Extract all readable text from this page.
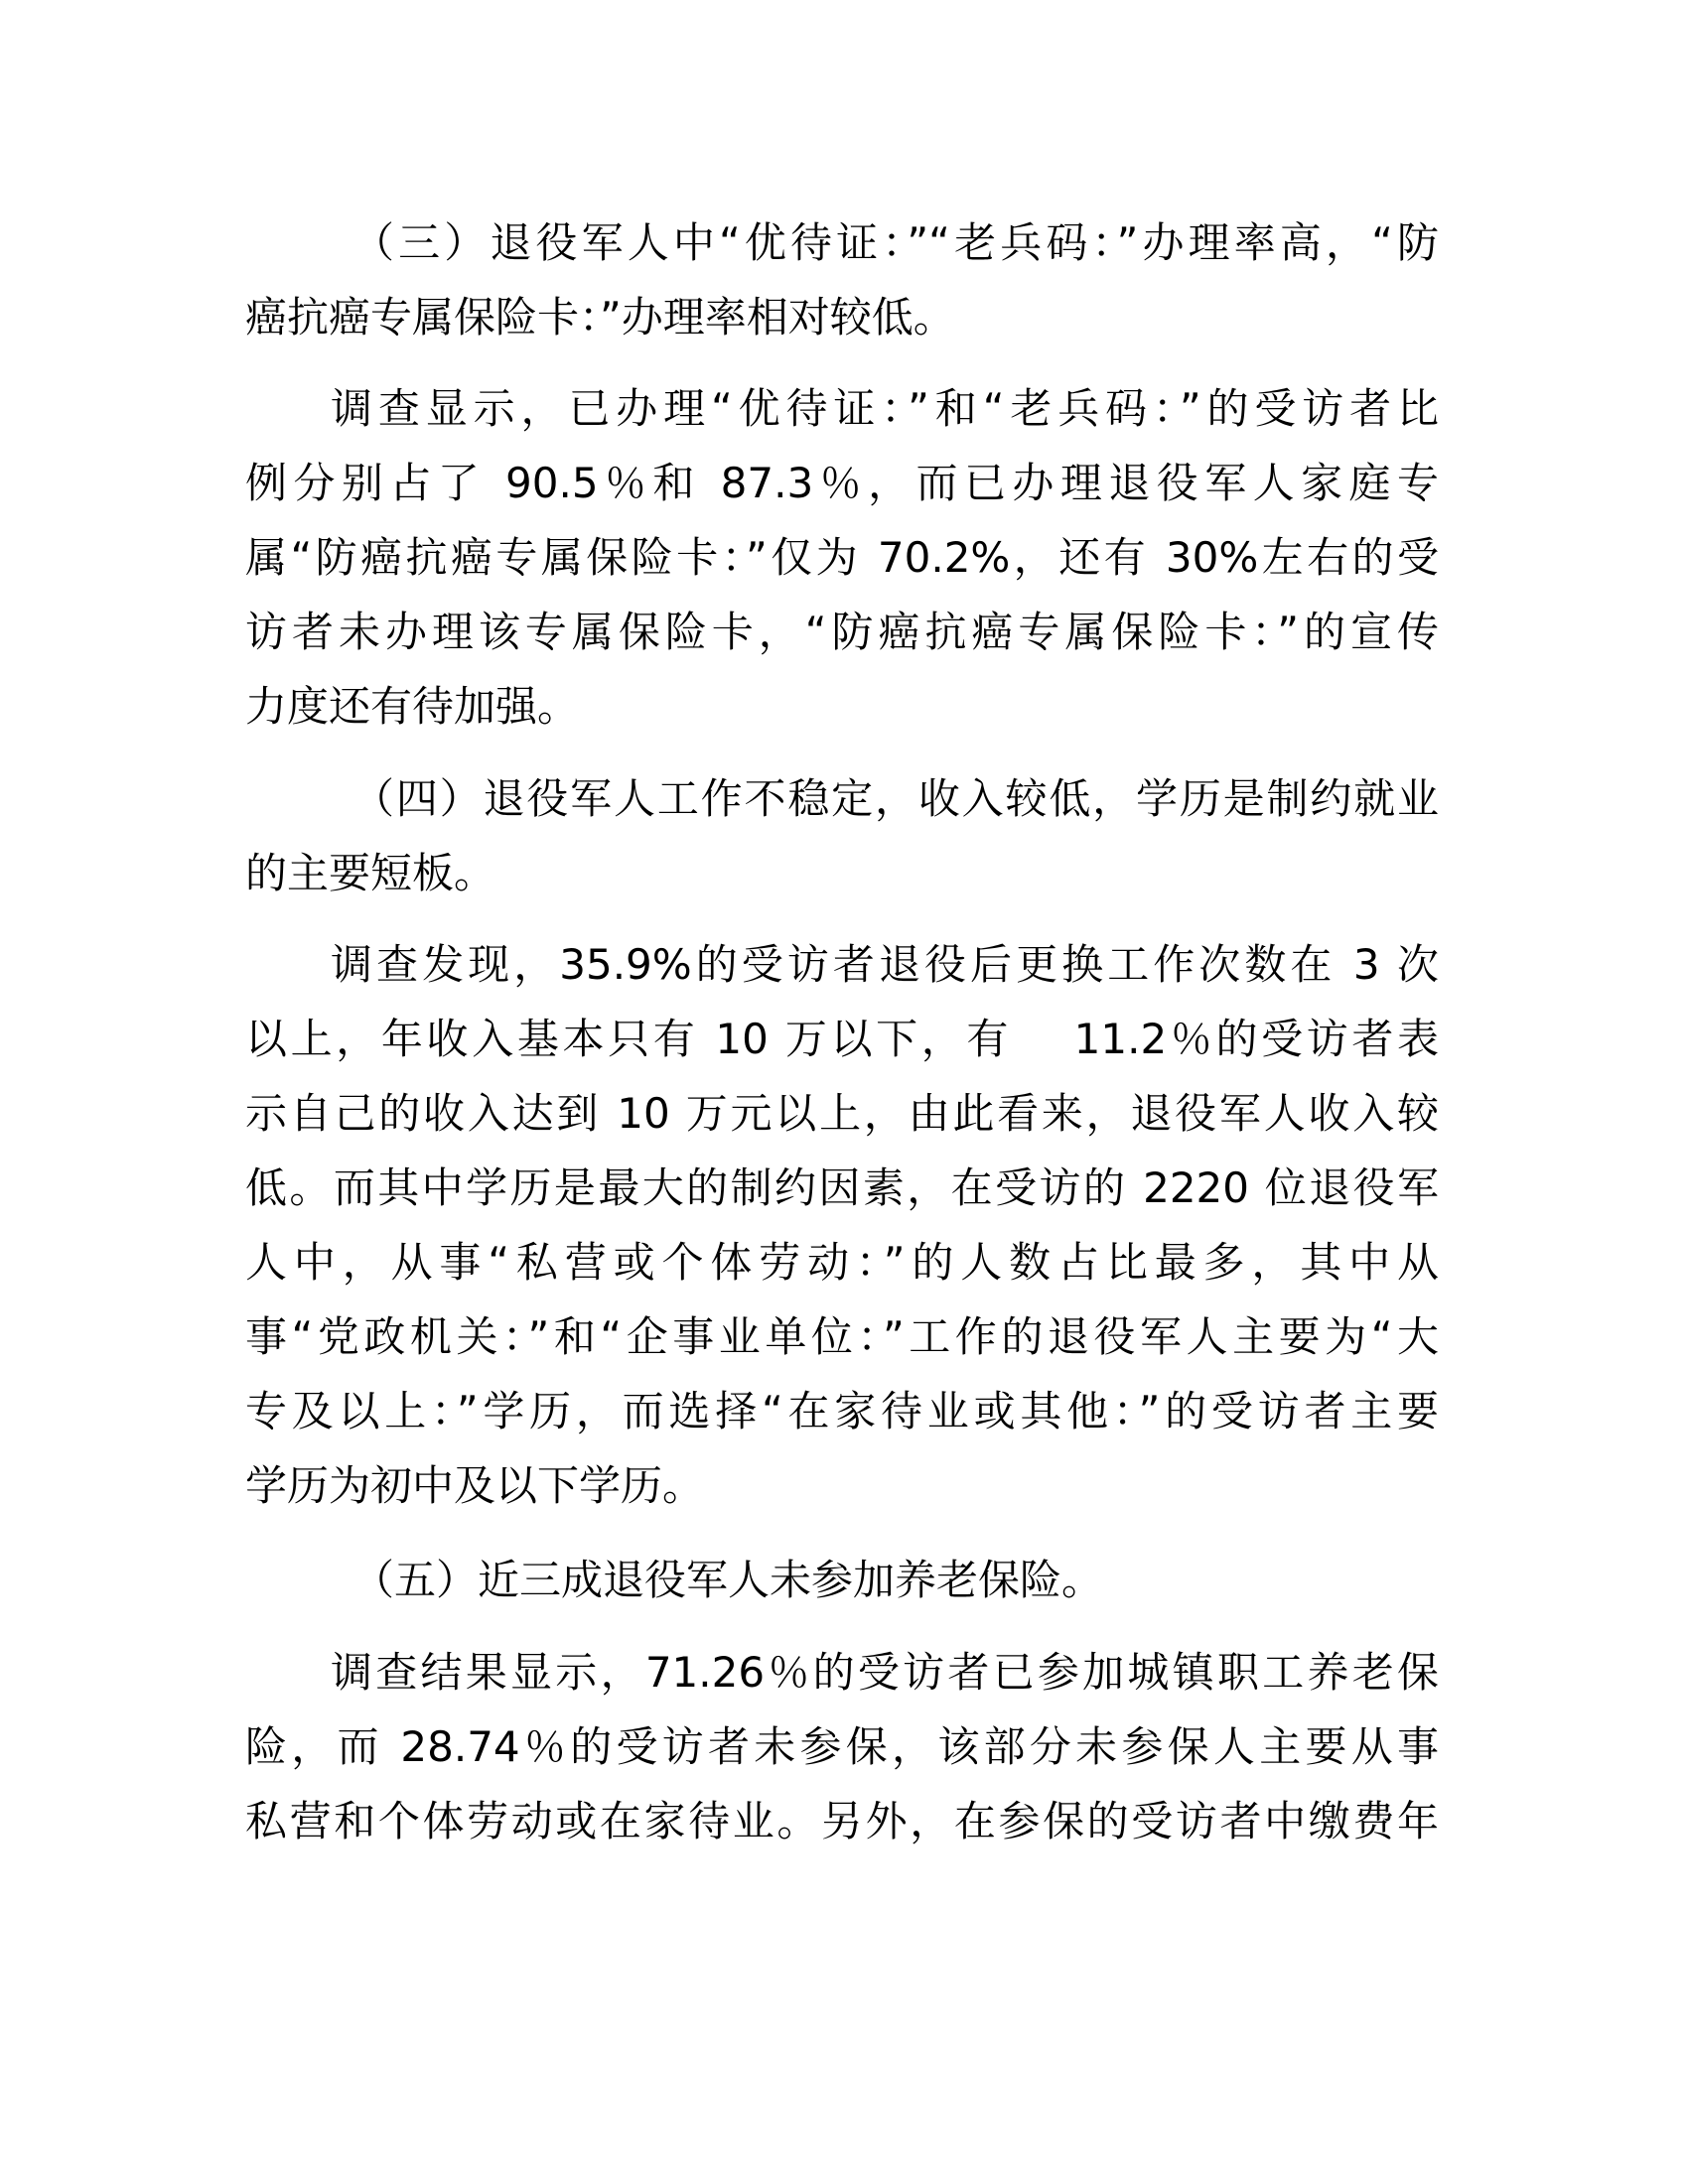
（三）退役军人中“优待证：”“老兵码：”办理率高，“防
癌抗癌专属保险卡：”办理率相对较低。
调查显示，已办理“优待证：”和“老兵码：”的受访者比
例分别占了 90.5％和 87.3％，而已办理退役军人家庭专
属“防癌抗癌专属保险卡：”仅为 70.2%，还有 30%左右的受
访者未办理该专属保险卡，“防癌抗癌专属保险卡：”的宣传
力度还有待加强。
（四）退役军人工作不稳定，收入较低，学历是制约就业
的主要短板。
调查发现，35.9%的受访者退役后更换工作次数在 3 次
以上，年收入基本只有 10 万以下，有　 11.2％的受访者表
示自己的收入达到 10 万元以上，由此看来，退役军人收入较
低。而其中学历是最大的制约因素，在受访的 2220 位退役军
人中，从事“私营或个体劳动：”的人数占比最多，其中从
事“党政机关：”和“企事业单位：”工作的退役军人主要为“大
专及以上：”学历，而选择“在家待业或其他：”的受访者主要
学历为初中及以下学历。
（五）近三成退役军人未参加养老保险。
调查结果显示，71.26％的受访者已参加城镇职工养老保
险，而 28.74％的受访者未参保，该部分未参保人主要从事
私营和个体劳动或在家待业。另外，在参保的受访者中缴费年
